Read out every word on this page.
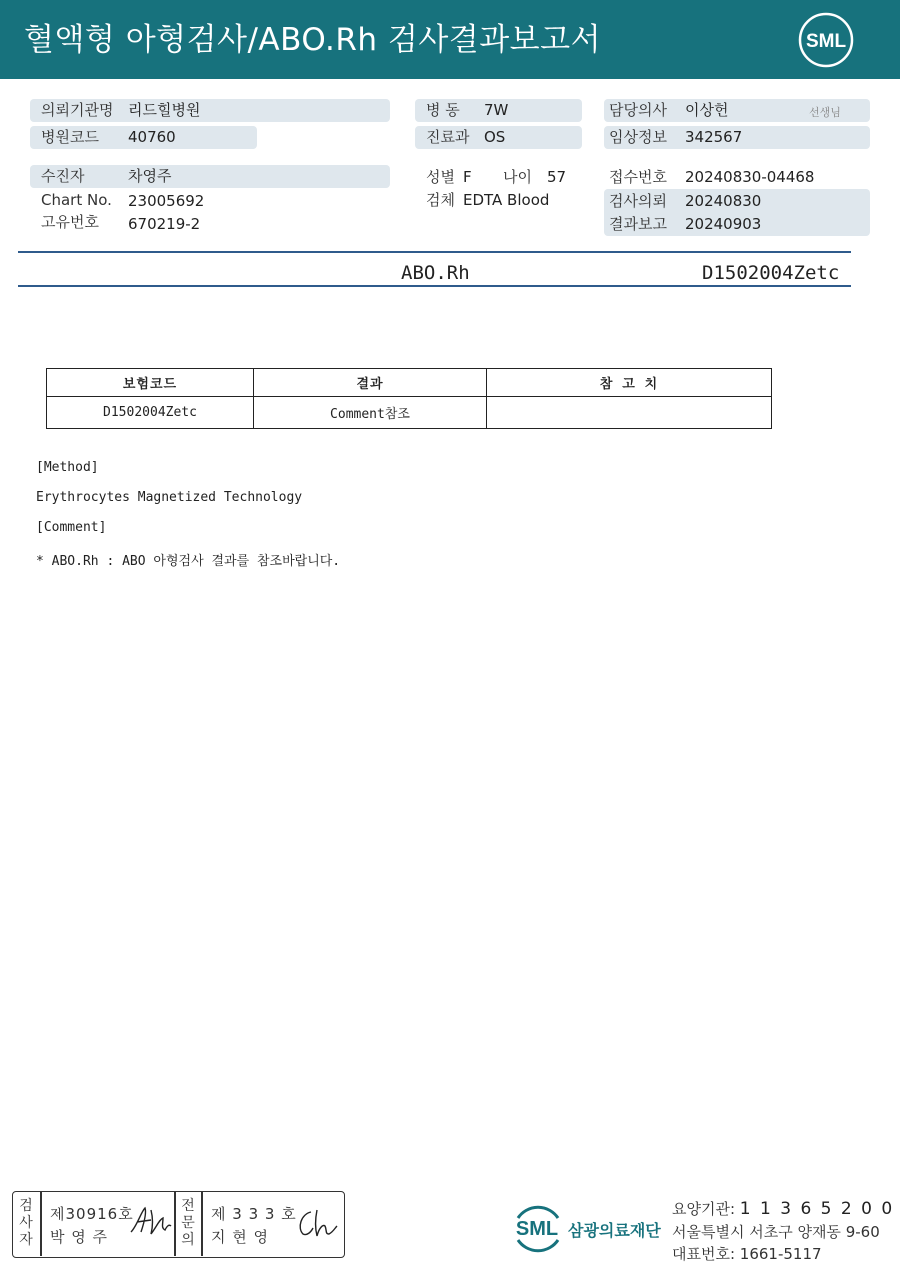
혈액형 아형검사/ABO.Rh 검사결과보고서	SML
의뢰기관명 리드힐병원
병원코드 40760
병 동 7W
진료과 OS
담당의사 이상헌	선생님
임상정보 342567
수진자	차영주
Chart No. 23005692
고유번호 670219-2
성별 F 나이 57
검체 EDTA Blood
접수번호 20240830-04468
검사의뢰 20240830
결과보고 20240903
ABO.Rh	D1502004Zetc
보험코드	결과	참 고 치
D1502004Zetc	Comment참조	
[Method]
Erythrocytes Magnetized Technology
[Comment]
* ABO.Rh : ABO 아형검사 결과를 참조바랍니다.
검사자
제30916호
박 영 주
전문의
제 3 3 3 호
지 현 영	SML 삼광의료재단
요양기관: 1 1 3 6 5 2 0 0
서울특별시 서초구 양재동 9-60
대표번호: 1661-5117
